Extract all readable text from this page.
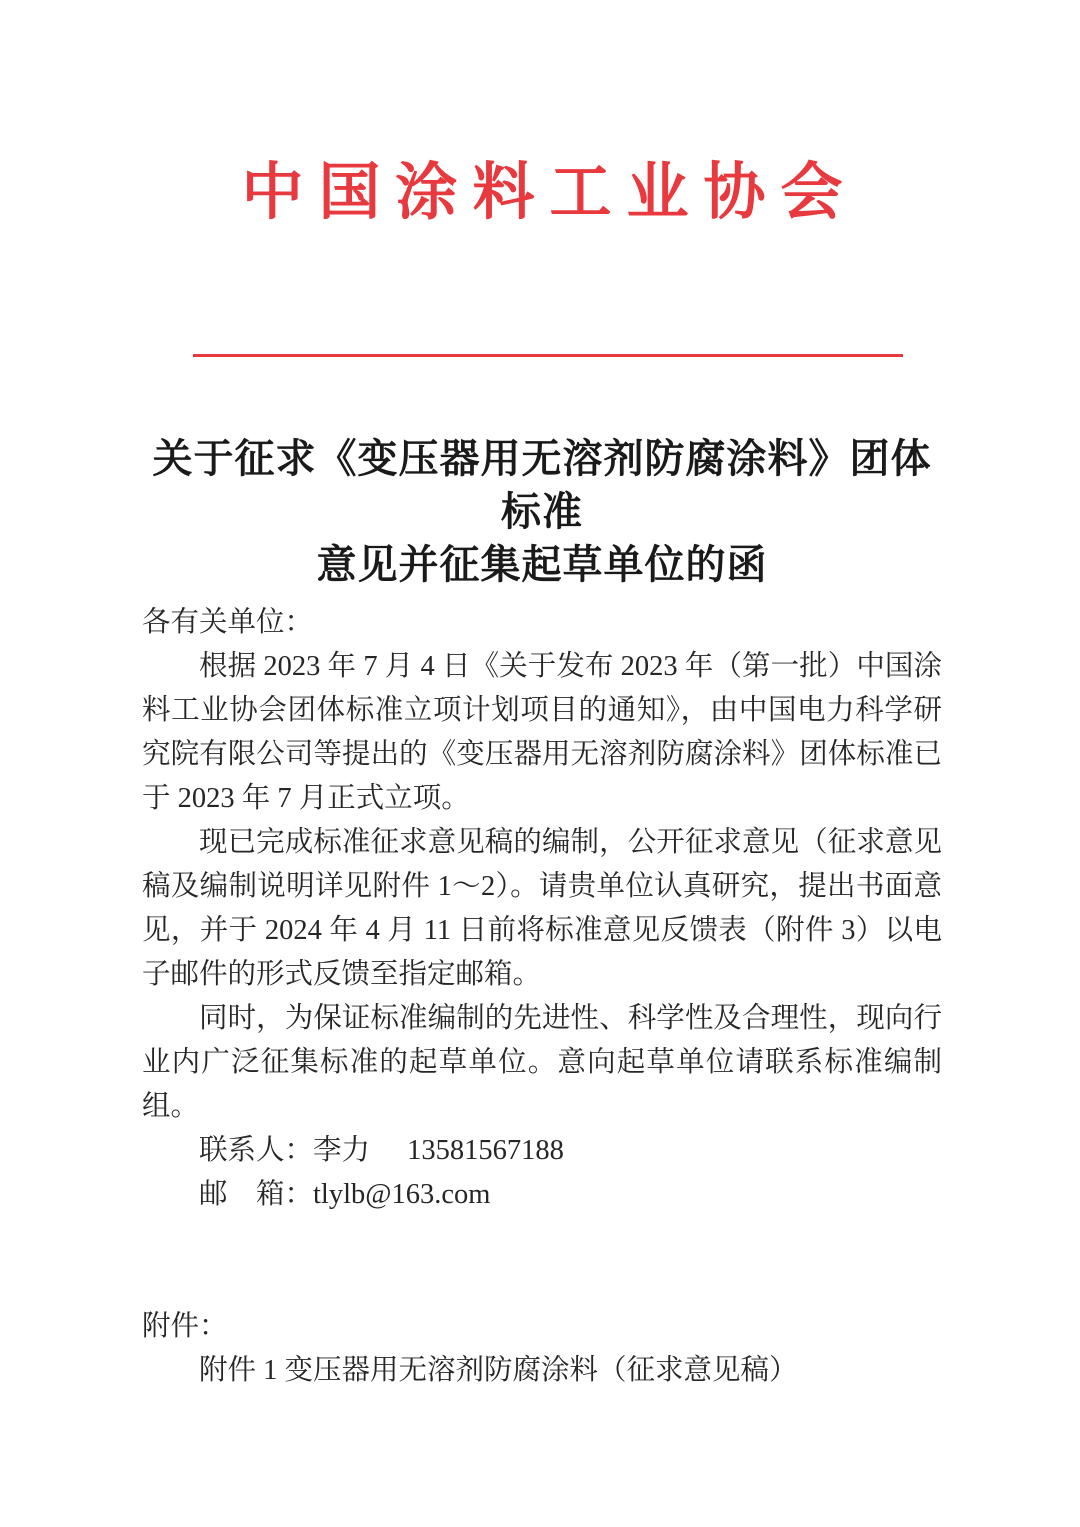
中国涂料工业协会
关于征求《变压器用无溶剂防腐涂料》团体标准
意见并征集起草单位的函

各有关单位：

根据 2023 年 7 月 4 日《关于发布 2023 年（第一批）中国涂料工业协会团体标准立项计划项目的通知》，由中国电力科学研究院有限公司等提出的《变压器用无溶剂防腐涂料》团体标准已于 2023 年 7 月正式立项。

现已完成标准征求意见稿的编制，公开征求意见（征求意见稿及编制说明详见附件 1～2）。请贵单位认真研究，提出书面意见，并于 2024 年 4 月 11 日前将标准意见反馈表（附件 3）以电子邮件的形式反馈至指定邮箱。

同时，为保证标准编制的先进性、科学性及合理性，现向行业内广泛征集标准的起草单位。意向起草单位请联系标准编制组。

联系人：李力 13581567188

邮　箱：tlylb@163.com

附件：

附件 1 变压器用无溶剂防腐涂料（征求意见稿）
